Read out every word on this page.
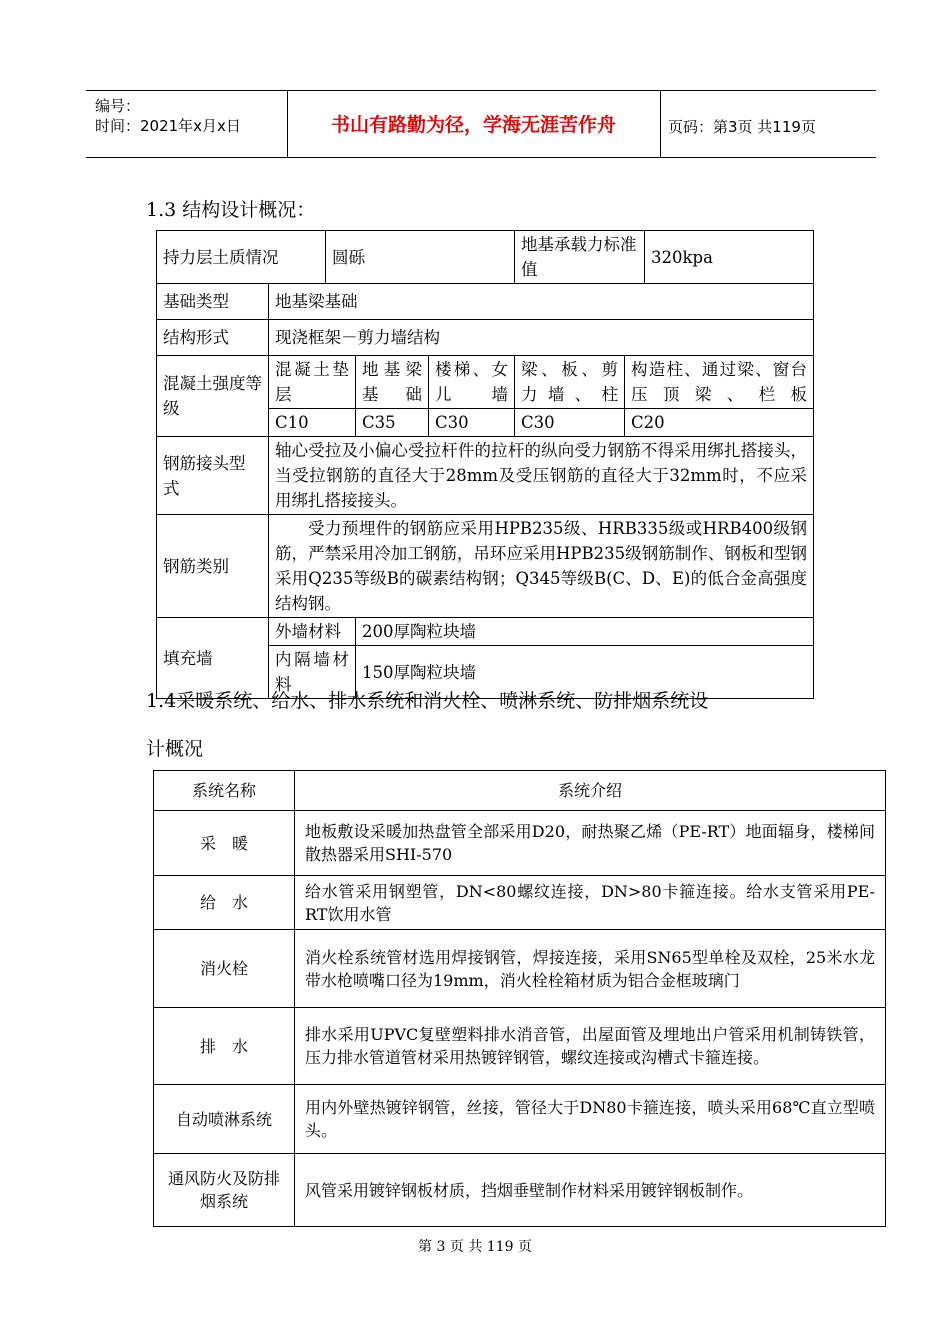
编号：
时间：2021年x月x日	书山有路勤为径，学海无涯苦作舟	页码：第3页 共119页
1.3 结构设计概况：
持力层土质情况		圆砾			地基承载力标准值		320kpa
基础类型	地基梁基础						
结构形式	现浇框架－剪力墙结构						
混凝土强度等级	混凝土垫层		地基梁基础	楼梯、女儿墙	梁、板、剪力墙、柱	构造柱、通过梁、窗台压顶梁、栏板	
	C10		C35	C30	C30	C20	
钢筋接头型　 式	轴心受拉及小偏心受拉杆件的拉杆的纵向受力钢筋不得采用绑扎搭接头，当受拉钢筋的直径大于28mm及受压钢筋的直径大于32mm时，不应采用绑扎搭接接头。						
钢筋类别	受力预埋件的钢筋应采用HPB235级、HRB335级或HRB400级钢筋，严禁采用冷加工钢筋，吊环应采用HPB235级钢筋制作、钢板和型钢采用Q235等级B的碳素结构钢；Q345等级B(C、D、E)的低合金高强度结构钢。						
填充墙	外墙材料		200厚陶粒块墙				
	内隔墙材料		150厚陶粒块墙				
1.4采暖系统、给水、排水系统和消火栓、喷淋系统、防排烟系统设
计概况
系统名称	系统介绍
采　暖	地板敷设采暖加热盘管全部采用D20，耐热聚乙烯（PE-RT）地面辐身，楼梯间散热器采用SHI-570
给　水	给水管采用钢塑管，DN<80螺纹连接，DN>80卡箍连接。给水支管采用PE-RT饮用水管
消火栓	消火栓系统管材选用焊接钢管，焊接连接，采用SN65型单栓及双栓，25米水龙带水枪喷嘴口径为19mm，消火栓栓箱材质为铝合金框玻璃门
排　水	排水采用UPVC复壁塑料排水消音管，出屋面管及埋地出户管采用机制铸铁管，压力排水管道管材采用热镀锌钢管，螺纹连接或沟槽式卡箍连接。
自动喷淋系统	用内外壁热镀锌钢管，丝接，管径大于DN80卡箍连接，喷头采用68℃直立型喷头。
通风防火及防排烟系统	风管采用镀锌钢板材质，挡烟垂壁制作材料采用镀锌钢板制作。
第 3 页 共 119 页
